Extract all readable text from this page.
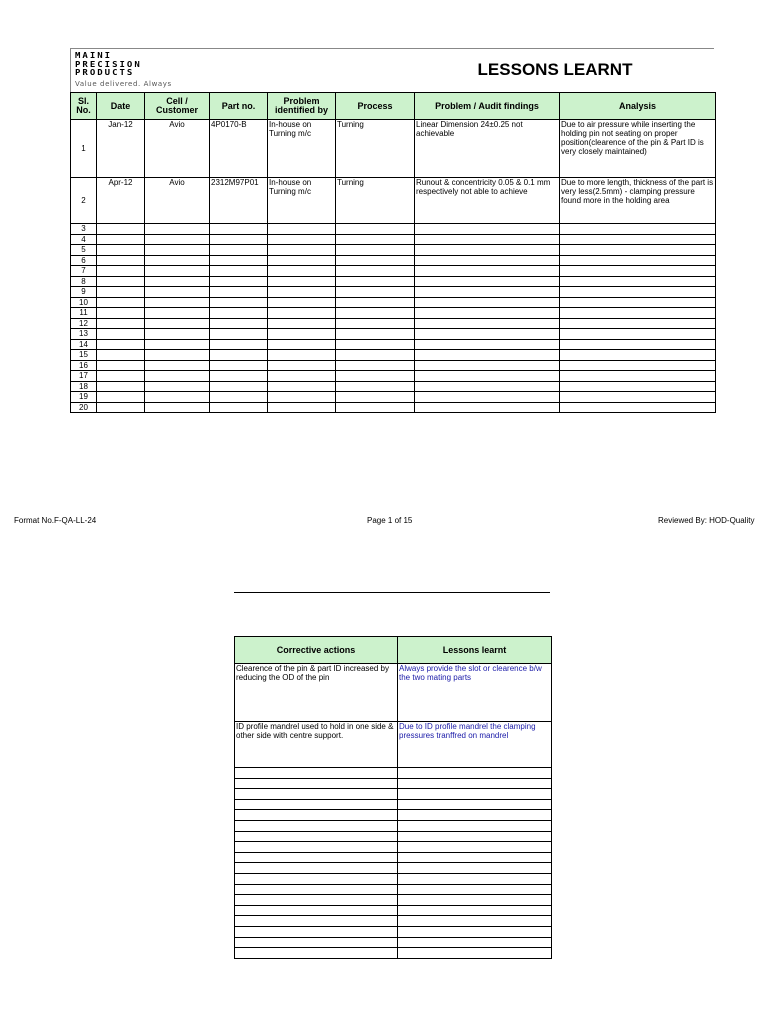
MAINI
PRECISION
PRODUCTS
Value delivered. Always
LESSONS LEARNT
Sl. No.	Date	Cell / Customer	Part no.	Problem identified by	Process	Problem / Audit findings	Analysis
1	Jan-12	Avio	4P0170-B	In-house on Turning m/c	Turning	Linear Dimension 24±0.25 not achievable	Due to air pressure while inserting the holding pin not seating on proper position(clearence of the pin & Part ID is very closely maintained)
2	Apr-12	Avio	2312M97P01	In-house on Turning m/c	Turning	Runout & concentricity 0.05 & 0.1 mm respectively not able to achieve	Due to more length, thickness of the part is very less(2.5mm) - clamping pressure found more in the holding area
3							
4							
5							
6							
7							
8							
9							
10							
11							
12							
13							
14							
15							
16							
17							
18							
19							
20							
Format No.F-QA-LL-24	Page 1 of 15	Reviewed By: HOD-Quality
Corrective actions	Lessons learnt
Clearence of the pin & part ID increased by reducing the OD of the pin	Always provide the slot or clearence b/w the two mating parts
ID profile mandrel used to hold in one side & other side with centre support.	Due to ID profile mandrel the clamping pressures tranffred on mandrel
